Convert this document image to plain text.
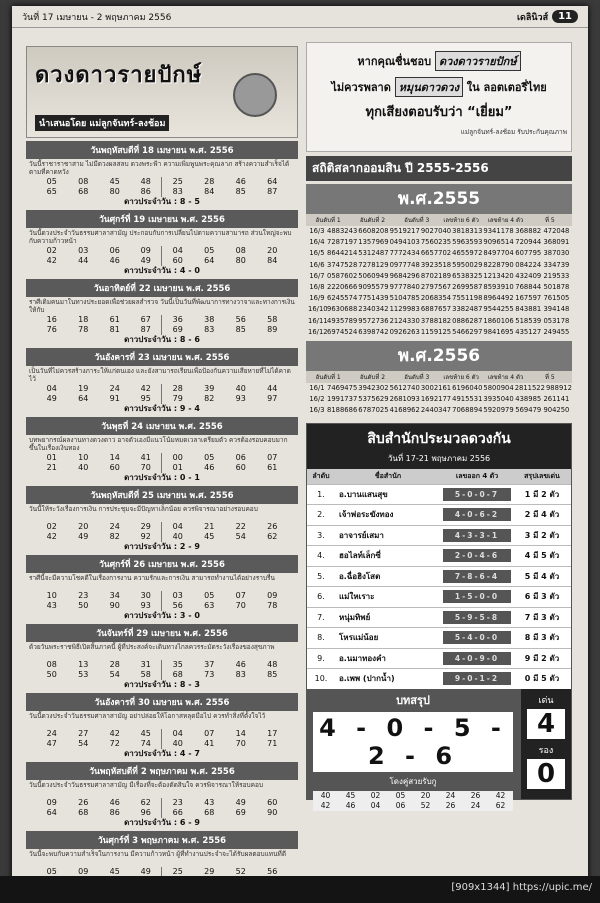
วันที่ 17 เมษายน - 2 พฤษภาคม 2556	เดลินิวส์	11
ดวงดาวรายปักษ์
นำเสนอโดย แม่ลูกจันทร์-ลงช้อม
วันพฤหัสบดีที่ 18 เมษายน พ.ศ. 2556
วันนี้ราชาราชาสาม ไม่มีดวงผลสลบ ดวงพระฟ้า ความเพิ่มพูนพระคุณลาภ สร้างความสำเร็จได้ตามที่คาดหวัง
05	08	45	48	25	28	46	64
65	68	80	86	83	84	85	87
ดาวประจำวัน : 8 - 5
วันศุกร์ที่ 19 เมษายน พ.ศ. 2556
วันนี้ดวงประจำวันธรรมศาลาสามัญ ประกอบกับการเปลี่ยนไปตามความสามารถ ส่วนใหญ่จะพบกับความก้าวหน้า
02	03	06	09	04	05	08	20
42	44	46	49	60	64	80	84
ดาวประจำวัน : 4 - 0
วันอาทิตย์ที่ 22 เมษายน พ.ศ. 2556
ราศีเดิมคนมาในทางประยอดเพื่อช่วยผลสำรวจ วันนี้เป็นวันที่พัฒนาการทางวาจาและทางการเงินให้กับ
16	18	61	67	36	38	56	58
76	78	81	87	69	83	85	89
ดาวประจำวัน : 8 - 6
วันอังคารที่ 23 เมษายน พ.ศ. 2556
เป็นวันที่ไม่ควรสร้างภาระให้แก่ตนเอง และยังสามารถเรียนเพื่อป้องกันความเสียหายที่ไม่ได้คาดไว้
04	19	24	42	28	39	40	44
49	64	91	95	79	82	93	97
ดาวประจำวัน : 9 - 4
วันพุธที่ 24 เมษายน พ.ศ. 2556
บทพยากรณ์ผลงานทางดวงดาว อาจตัวเองมีแนวโน้มหมดเวลาเตรียมตัว ควรต้องรอบคอบมากขึ้นในเรื่องเงินทอง
01	10	14	41	00	05	06	07
21	40	60	70	01	46	60	61
ดาวประจำวัน : 0 - 1
วันพฤหัสบดีที่ 25 เมษายน พ.ศ. 2556
วันนี้ให้ระวังเรื่องการเงิน การประชุมจะมีปัญหาเล็กน้อย ควรพิจารณาอย่างรอบคอบ
02	20	24	29	04	21	22	26
42	49	82	92	40	45	54	62
ดาวประจำวัน : 2 - 9
วันศุกร์ที่ 26 เมษายน พ.ศ. 2556
ราศีนี้จะมีความโชคดีในเรื่องการงาน ความรักและการเงิน สามารถทำงานได้อย่างราบรื่น
10	23	34	30	03	05	07	09
43	50	90	93	56	63	70	78
ดาวประจำวัน : 3 - 0
วันจันทร์ที่ 29 เมษายน พ.ศ. 2556
ด้วยวันพระราชพิธีเปิดสิ้นภาคนี้ ผู้ที่ประสงค์จะเดินทางไกลควรระมัดระวังเรื่องของสุขภาพ
08	13	28	31	35	37	46	48
50	53	54	58	68	73	83	85
ดาวประจำวัน : 8 - 3
วันอังคารที่ 30 เมษายน พ.ศ. 2556
วันนี้ดวงประจำวันธรรมศาลาสามัญ อย่าปล่อยให้โอกาสหลุดมือไป ควรทำสิ่งที่ตั้งใจไว้
24	27	42	45	04	07	14	17
47	54	72	74	40	41	70	71
ดาวประจำวัน : 4 - 7
วันพฤหัสบดีที่ 2 พฤษภาคม พ.ศ. 2556
วันนี้ดวงประจำวันธรรมศาลาสามัญ มีเรื่องที่จะต้องตัดสินใจ ควรพิจารณาให้รอบคอบ
09	26	46	62	23	43	49	60
64	68	86	96	66	68	69	90
ดาวประจำวัน : 6 - 9
วันศุกร์ที่ 3 พฤษภาคม พ.ศ. 2556
วันนี้จะพบกับความสำเร็จในการงาน มีความก้าวหน้า ผู้ที่ทำงานประจำจะได้รับผลตอบแทนที่ดี
05	09	45	49	25	29	52	56
หากคุณชื่นชอบ ดวงดาวรายปักษ์
ไม่ควรพลาด หมุนดาวดวง ใน ลอตเตอรี่ไทย
ทุกเสียงตอบรับว่า “เยี่ยม”
แม่ลูกจันทร์-ลงช้อม รับประกันคุณภาพ
สถิติสลากออมสิน ปี 2555-2556
พ.ศ.2555
อันดับที่ 1	อันดับที่ 2	อันดับที่ 3	เลขท้าย 6 ตัว	เลขท้าย 4 ตัว	ที่ 5
16/3 4883243 6608208 9519217 9027040 3818313 9341178 368882 472048
16/4 7287197 1357969 0494103 7560235 5963593 9096514 720944 368091
16/5 8644214 5312487 7772434 6657702 4655972 8497704 607795 387030
16/6 3747528 7278129 0977748 3923518 5950029 8228790 084224 334739
16/7 0587602 5060949 9684296 8702189 6538325 1213420 432409 219533
16/8 2220666 9095579 9777840 2797567 2699587 8593910 768844 501878
16/9 6245574 7751439 5104785 2068354 7551198 8964492 167597 761505
16/10 9630688 2340342 1129983 6887657 3382487 9544255 843881 394148
16/11 4935789 9572736 2124330 3788182 0886287 1860106 518539 053178
16/12 6974524 6398742 0926263 1159125 5466297 9841695 435127 249455
พ.ศ.2556
อันดับที่ 1	อันดับที่ 2	อันดับที่ 3	เลขท้าย 6 ตัว	เลขท้าย 4 ตัว	ที่ 5
16/1 7469475 3942302 5612740 3002161 6196040 5800904 2811522 988912
16/2 1991737 5375629 2681093 1692177 4915531 3935040 438985 261141
16/3 8188686 6787025 4168962 2440347 7068894 5920979 569479 904250
สิบสำนักประมวลดวงกัน
วันที่ 17-21 พฤษภาคม 2556
ลำดับ	ชื่อสำนัก	เลขออก 4 ตัว	สรุปเลขเด่น
1.	อ.บานแสนสุข	5-0-0-7	1 มี 2 ตัว
2.	เจ้าพ่อระฆังทอง	4-0-6-2	2 มี 4 ตัว
3.	อาจารย์เสมา	4-3-3-1	3 มี 2 ตัว
4.	ฮอไลท์เล็กซี่	2-0-4-6	4 มี 5 ตัว
5.	อ.ฉื่อฮิงโสต	7-8-6-4	5 มี 4 ตัว
6.	แม่ใหเราะ	1-5-0-0	6 มี 3 ตัว
7.	หนุ่มทิพย์	5-9-5-8	7 มี 3 ตัว
8.	โหรแม่น้อย	5-4-0-0	8 มี 3 ตัว
9.	อ.นมาทองคำ	4-0-9-0	9 มี 2 ตัว
10.	อ.เพพ (ปากน้ำ)	9-0-1-2	0 มี 5 ตัว
บทสรุป
4 - 0 - 5 - 2 - 6
โดงคู่สวยรับกู
40	45	02	05	20	24	26	42
42	46	04	06	52	26	24	62
เด่น
4
รอง
0
[909x1344] https://upic.me/
